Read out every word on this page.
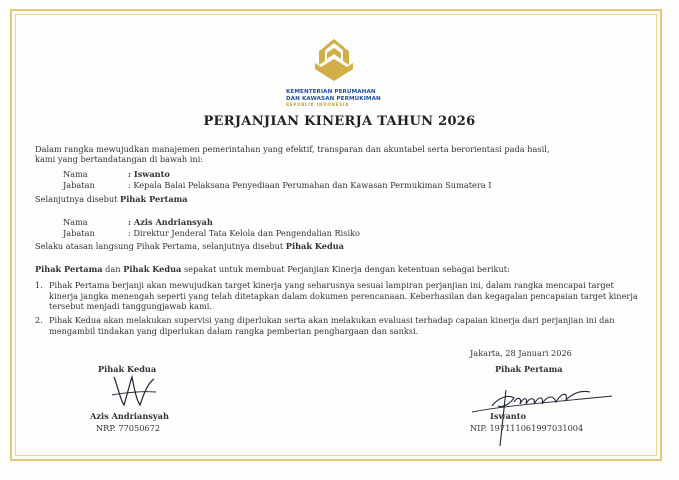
KEMENTERIAN PERUMAHAN
DAN KAWASAN PERMUKIMAN
REPUBLIK INDONESIA
PERJANJIAN KINERJA TAHUN 2026
Dalam rangka mewujudkan manajemen pemerintahan yang efektif, transparan dan akuntabel serta berorientasi pada hasil,
kami yang bertandatangan di bawah ini:
Nama	: Iswanto
Jabatan	: Kepala Balai Pelaksana Penyediaan Perumahan dan Kawasan Permukiman Sumatera I
Selanjutnya disebut Pihak Pertama
Nama	: Azis Andriansyah
Jabatan	: Direktur Jenderal Tata Kelola dan Pengendalian Risiko
Selaku atasan langsung Pihak Pertama, selanjutnya disebut Pihak Kedua
Pihak Pertama dan Pihak Kedua sepakat untuk membuat Perjanjian Kinerja dengan ketentuan sebagai berikut:
1. Pihak Pertama berjanji akan mewujudkan target kinerja yang seharusnya sesuai lampiran perjanjian ini, dalam rangka mencapai target kinerja jangka menengah seperti yang telah ditetapkan dalam dokumen perencanaan. Keberhasilan dan kegagalan pencapaian target kinerja tersebut menjadi tanggungjawab kami.
2. Pihak Kedua akan melakukan supervisi yang diperlukan serta akan melakukan evaluasi terhadap capaian kinerja dari perjanjian ini dan mengambil tindakan yang diperlukan dalam rangka pemberian penghargaan dan sanksi.
Jakarta, 28 Januari 2026
Pihak Kedua
Azis Andriansyah
NRP. 77050672
Pihak Pertama
Iswanto
NIP. 197111061997031004
